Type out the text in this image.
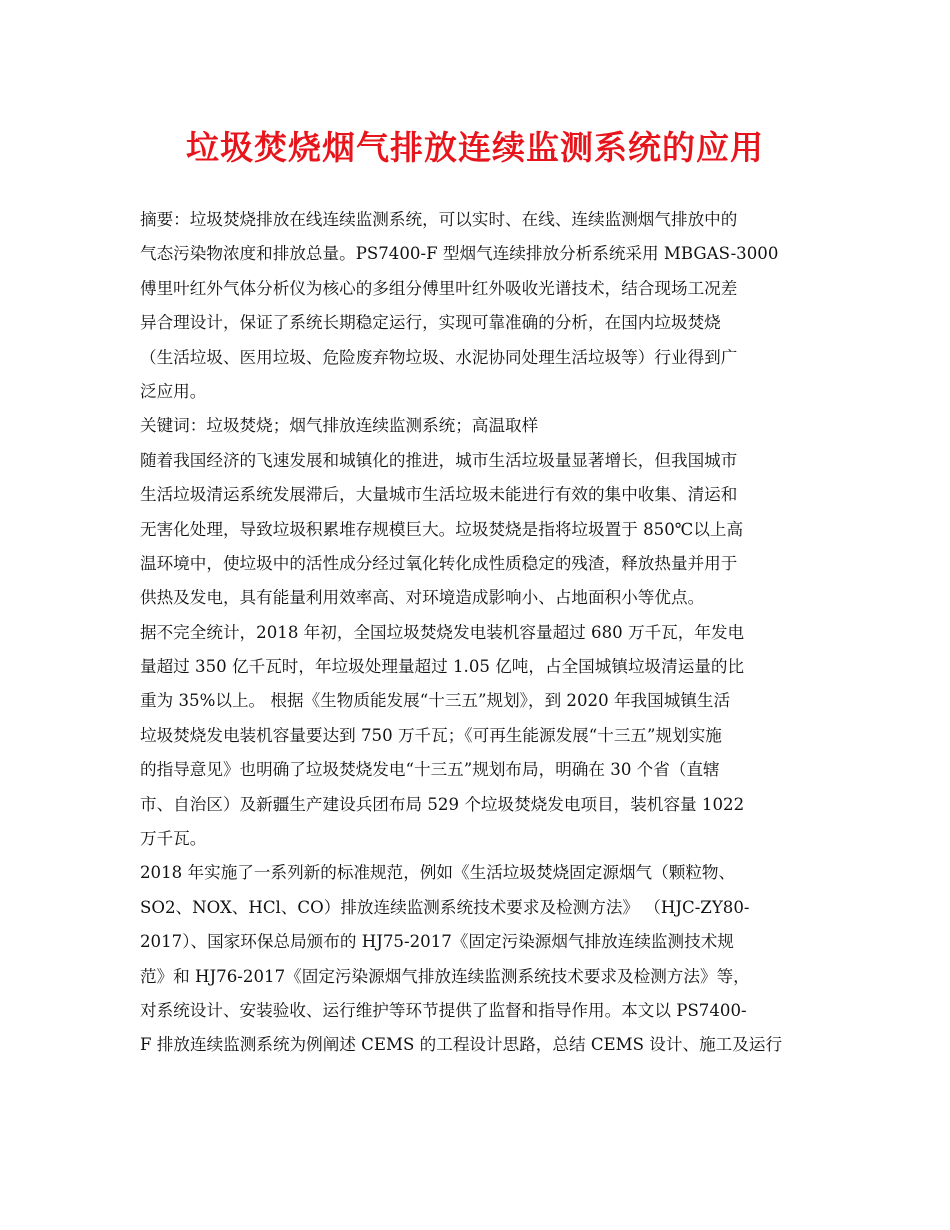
垃圾焚烧烟气排放连续监测系统的应用
摘要：垃圾焚烧排放在线连续监测系统，可以实时、在线、连续监测烟气排放中的
气态污染物浓度和排放总量。PS7400-F 型烟气连续排放分析系统采用 MBGAS-3000
傅里叶红外气体分析仪为核心的多组分傅里叶红外吸收光谱技术，结合现场工况差
异合理设计，保证了系统长期稳定运行，实现可靠准确的分析，在国内垃圾焚烧
（生活垃圾、医用垃圾、危险废弃物垃圾、水泥协同处理生活垃圾等）行业得到广
泛应用。
关键词：垃圾焚烧；烟气排放连续监测系统；高温取样
随着我国经济的飞速发展和城镇化的推进，城市生活垃圾量显著增长，但我国城市
生活垃圾清运系统发展滞后，大量城市生活垃圾未能进行有效的集中收集、清运和
无害化处理，导致垃圾积累堆存规模巨大。垃圾焚烧是指将垃圾置于 850℃以上高
温环境中，使垃圾中的活性成分经过氧化转化成性质稳定的残渣，释放热量并用于
供热及发电，具有能量利用效率高、对环境造成影响小、占地面积小等优点。
据不完全统计，2018 年初，全国垃圾焚烧发电装机容量超过 680 万千瓦，年发电
量超过 350 亿千瓦时，年垃圾处理量超过 1.05 亿吨，占全国城镇垃圾清运量的比
重为 35%以上。 根据《生物质能发展“十三五”规划》，到 2020 年我国城镇生活
垃圾焚烧发电装机容量要达到 750 万千瓦；《可再生能源发展“十三五”规划实施
的指导意见》也明确了垃圾焚烧发电“十三五”规划布局，明确在 30 个省（直辖
市、自治区）及新疆生产建设兵团布局 529 个垃圾焚烧发电项目，装机容量 1022
万千瓦。
2018 年实施了一系列新的标准规范，例如《生活垃圾焚烧固定源烟气（颗粒物、
SO2、NOX、HCl、CO）排放连续监测系统技术要求及检测方法》 （HJC-ZY80-
2017）、国家环保总局颁布的 HJ75-2017《固定污染源烟气排放连续监测技术规
范》和 HJ76-2017《固定污染源烟气排放连续监测系统技术要求及检测方法》等，
对系统设计、安装验收、运行维护等环节提供了监督和指导作用。本文以 PS7400-
F 排放连续监测系统为例阐述 CEMS 的工程设计思路，总结 CEMS 设计、施工及运行
